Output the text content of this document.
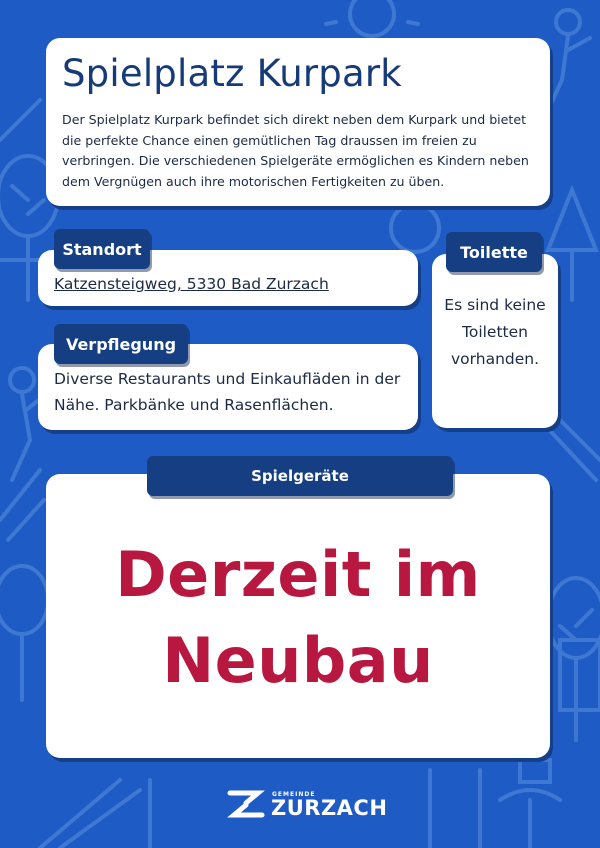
Spielplatz Kurpark

Der Spielplatz Kurpark befindet sich direkt neben dem Kurpark und bietet die perfekte Chance einen gemütlichen Tag draussen im freien zu verbringen. Die verschiedenen Spielgeräte ermöglichen es Kindern neben dem Vergnügen auch ihre motorischen Fertigkeiten zu üben.

Katzensteigweg, 5330 Bad Zurzach
Standort

Diverse Restaurants und Einkaufläden in der Nähe. Parkbänke und Rasenflächen.

Verpflegung

Es sind keine Toiletten vorhanden.

Toilette
Derzeit im Neubau
Spielgeräte
GEMEINDE
ZURZACH
